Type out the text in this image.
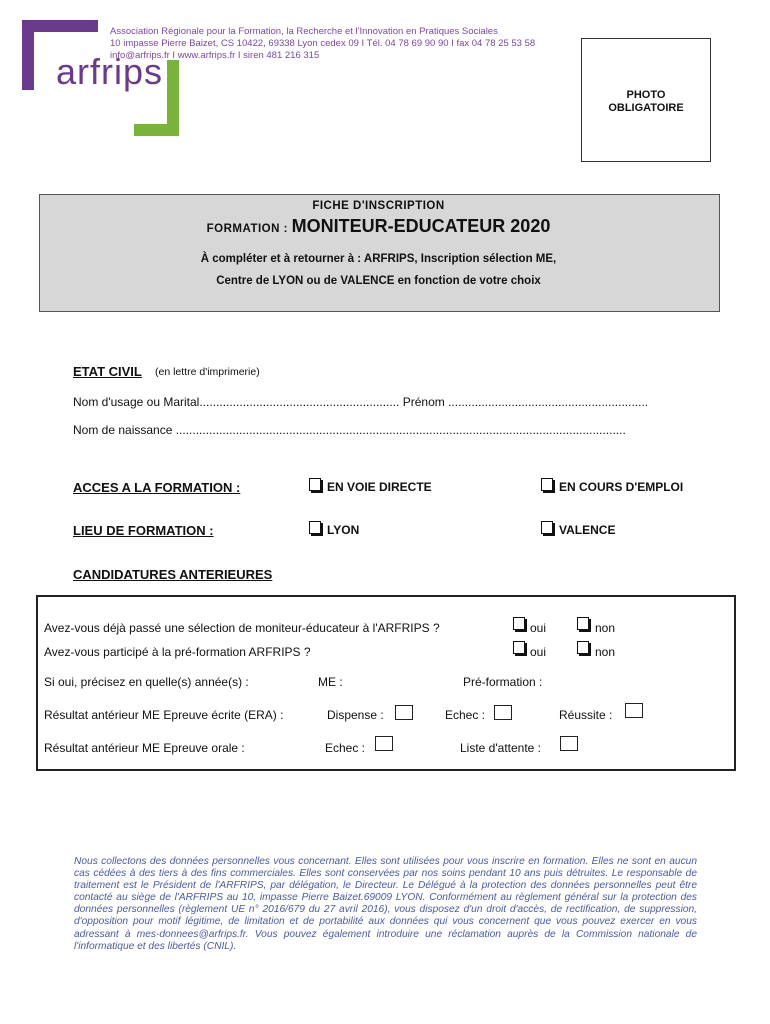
arfrips
Association Régionale pour la Formation, la Recherche et l'Innovation en Pratiques Sociales
10 impasse Pierre Baizet, CS 10422, 69338 Lyon cedex 09 I Tél. 04 78 69 90 90 I fax 04 78 25 53 58
info@arfrips.fr I www.arfrips.fr I siren 481 216 315
PHOTO
OBLIGATOIRE
FICHE D'INSCRIPTION
FORMATION : MONITEUR-EDUCATEUR 2020
À compléter et à retourner à : ARFRIPS, Inscription sélection ME,
Centre de LYON ou de VALENCE en fonction de votre choix
ETAT CIVIL (en lettre d'imprimerie)
Nom d'usage ou Marital............................................................ Prénom ............................................................
Nom de naissance .......................................................................................................................................
ACCES A LA FORMATION :	EN VOIE DIRECTE	EN COURS D'EMPLOI
LIEU DE FORMATION :	LYON	VALENCE
CANDIDATURES ANTERIEURES
Avez-vous déjà passé une sélection de moniteur-éducateur à l'ARFRIPS ?	oui	non
Avez-vous participé à la pré-formation ARFRIPS ?	oui	non
Si oui, précisez en quelle(s) année(s) :	ME :	Pré-formation :
Résultat antérieur ME Epreuve écrite (ERA) :	Dispense :	Echec :	Réussite :
Résultat antérieur ME Epreuve orale :	Echec :	Liste d'attente :
Nous collectons des données personnelles vous concernant. Elles sont utilisées pour vous inscrire en formation. Elles ne sont en aucun cas cédées à des tiers à des fins commerciales. Elles sont conservées par nos soins pendant 10 ans puis détruites. Le responsable de traitement est le Président de l'ARFRIPS, par délégation, le Directeur. Le Délégué à la protection des données personnelles peut être contacté au siège de l'ARFRIPS au 10, impasse Pierre Baizet.69009 LYON. Conformément au règlement général sur la protection des données personnelles (règlement UE n° 2016/679 du 27 avril 2016), vous disposez d'un droit d'accès, de rectification, de suppression, d'opposition pour motif légitime, de limitation et de portabilité aux données qui vous concernent que vous pouvez exercer en vous adressant à mes-donnees@arfrips.fr. Vous pouvez également introduire une réclamation auprès de la Commission nationale de l'informatique et des libertés (CNIL).
